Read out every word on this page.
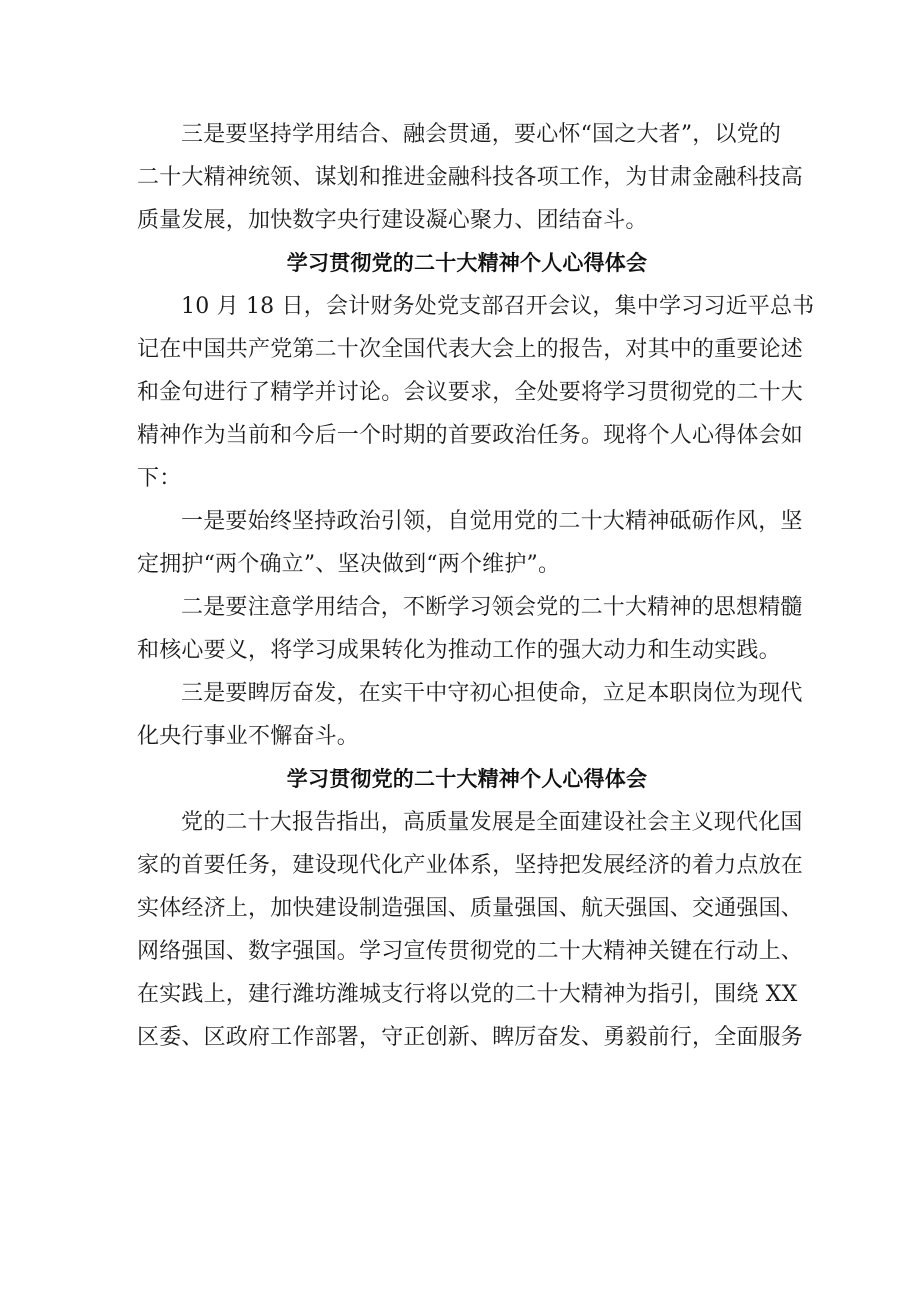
三是要坚持学用结合、融会贯通，要心怀“国之大者”，以党的
二十大精神统领、谋划和推进金融科技各项工作，为甘肃金融科技高
质量发展，加快数字央行建设凝心聚力、团结奋斗。

学习贯彻党的二十大精神个人心得体会

10 月 18 日，会计财务处党支部召开会议，集中学习习近平总书
记在中国共产党第二十次全国代表大会上的报告，对其中的重要论述
和金句进行了精学并讨论。会议要求，全处要将学习贯彻党的二十大
精神作为当前和今后一个时期的首要政治任务。现将个人心得体会如
下：

一是要始终坚持政治引领，自觉用党的二十大精神砥砺作风，坚
定拥护“两个确立”、坚决做到“两个维护”。

二是要注意学用结合，不断学习领会党的二十大精神的思想精髓
和核心要义，将学习成果转化为推动工作的强大动力和生动实践。

三是要睥厉奋发，在实干中守初心担使命，立足本职岗位为现代
化央行事业不懈奋斗。

学习贯彻党的二十大精神个人心得体会

党的二十大报告指出，高质量发展是全面建设社会主义现代化国
家的首要任务，建设现代化产业体系，坚持把发展经济的着力点放在
实体经济上，加快建设制造强国、质量强国、航天强国、交通强国、
网络强国、数字强国。学习宣传贯彻党的二十大精神关键在行动上、
在实践上，建行潍坊潍城支行将以党的二十大精神为指引，围绕 XX
区委、区政府工作部署，守正创新、睥厉奋发、勇毅前行，全面服务
